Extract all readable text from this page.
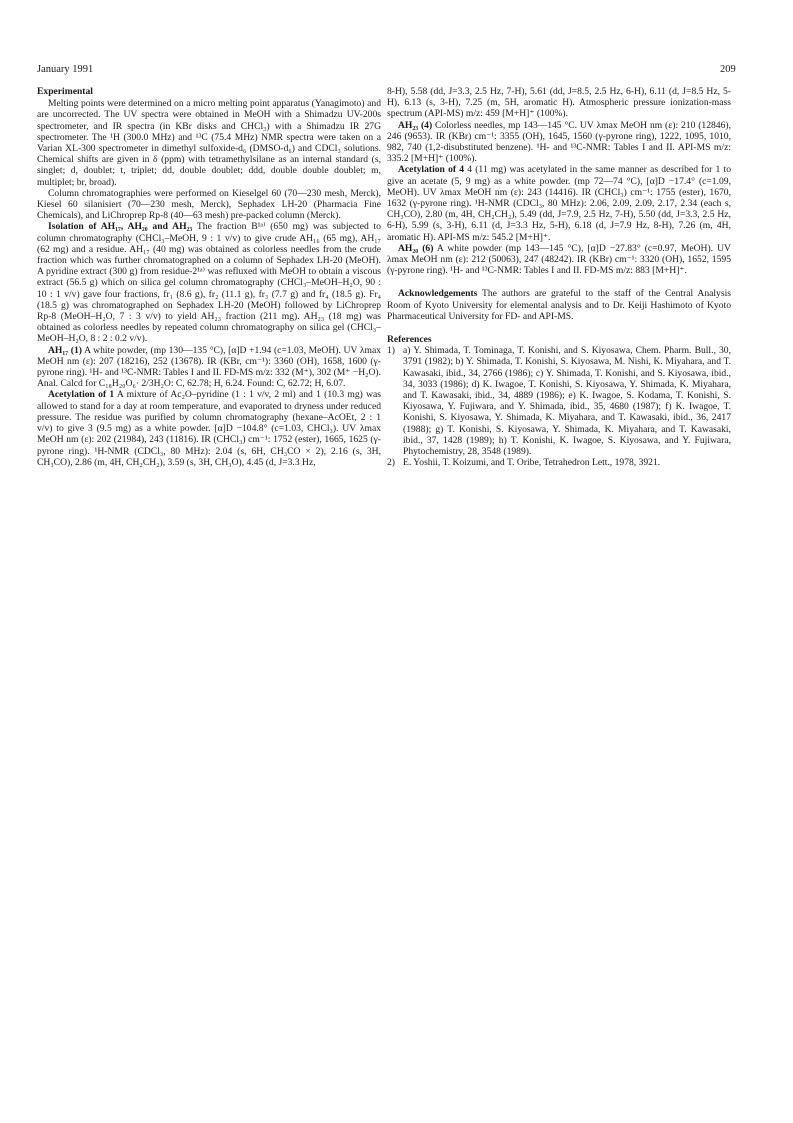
January 1991	209
Experimental

Melting points were determined on a micro melting point apparatus (Yanagimoto) and are uncorrected. The UV spectra were obtained in MeOH with a Shimadzu UV-200s spectrometer, and IR spectra (in KBr disks and CHCl₃) with a Shimadzu IR 27G spectrometer. The ¹H (300.0 MHz) and ¹³C (75.4 MHz) NMR spectra were taken on a Varian XL-300 spectrometer in dimethyl sulfoxide-d₆ (DMSO-d₆) and CDCl₃ solutions. Chemical shifts are given in δ (ppm) with tetramethylsilane as an internal standard (s, singlet; d, doublet; t, triplet; dd, double doublet; ddd, double double doublet; m, multiplet; br, broad).

Column chromatographies were performed on Kieselgel 60 (70—230 mesh, Merck), Kiesel 60 silanisiert (70—230 mesh, Merck), Sephadex LH-20 (Pharmacia Fine Chemicals), and LiChroprep Rp-8 (40—63 mesh) pre-packed column (Merck).

Isolation of AH₁₇, AH₂₀ and AH₂₃ The fraction B¹ᵃ⁾ (650 mg) was subjected to column chromatography (CHCl₃–MeOH, 9 : 1 v/v) to give crude AH₁₆ (65 mg), AH₁₇ (62 mg) and a residue. AH₁₇ (40 mg) was obtained as colorless needles from the crude fraction which was further chromatographed on a column of Sephadex LH-20 (MeOH). A pyridine extract (300 g) from residue-2¹ᵃ⁾ was refluxed with MeOH to obtain a viscous extract (56.5 g) which on silica gel column chromatography (CHCl₃–MeOH–H₂O, 90 : 10 : 1 v/v) gave four fractions, fr₁ (8.6 g), fr₂ (11.1 g), fr₃ (7.7 g) and fr₄ (18.5 g). Fr₄ (18.5 g) was chromatographed on Sephadex LH-20 (MeOH) followed by LiChroprep Rp-8 (MeOH–H₂O, 7 : 3 v/v) to yield AH₂₃ fraction (211 mg). AH₂₃ (18 mg) was obtained as colorless needles by repeated column chromatography on silica gel (CHCl₃–MeOH–H₂O, 8 : 2 : 0.2 v/v).

AH₁₇ (1) A white powder, (mp 130—135 °C), [α]D +1.94 (c=1.03, MeOH). UV λmax MeOH nm (ε): 207 (18216), 252 (13678). IR (KBr, cm⁻¹): 3360 (OH), 1658, 1600 (γ-pyrone ring). ¹H- and ¹³C-NMR: Tables I and II. FD-MS m/z: 332 (M⁺), 302 (M⁺ −H₂O). Anal. Calcd for C₁₈H₂₀O₆· 2/3H₂O: C, 62.78; H, 6.24. Found: C, 62.72; H, 6.07.

Acetylation of 1 A mixture of Ac₂O–pyridine (1 : 1 v/v, 2 ml) and 1 (10.3 mg) was allowed to stand for a day at room temperature, and evaporated to dryness under reduced pressure. The residue was purified by column chromatography (hexane–AcOEt, 2 : 1 v/v) to give 3 (9.5 mg) as a white powder. [α]D −104.8° (c=1.03, CHCl₃). UV λmax MeOH nm (ε): 202 (21984), 243 (11816). IR (CHCl₃) cm⁻¹: 1752 (ester), 1665, 1625 (γ-pyrone ring). ¹H-NMR (CDCl₃, 80 MHz): 2.04 (s, 6H, CH₃CO × 2), 2.16 (s, 3H, CH₃CO), 2.86 (m, 4H, CH₂CH₂), 3.59 (s, 3H, CH₃O), 4.45 (d, J=3.3 Hz,

8-H), 5.58 (dd, J=3.3, 2.5 Hz, 7-H), 5.61 (dd, J=8.5, 2.5 Hz, 6-H), 6.11 (d, J=8.5 Hz, 5-H), 6.13 (s, 3-H), 7.25 (m, 5H, aromatic H). Atmospheric pressure ionization-mass spectrum (API-MS) m/z: 459 [M+H]⁺ (100%).

AH₂₃ (4) Colorless needles, mp 143—145 °C. UV λmax MeOH nm (ε): 210 (12846), 246 (9653). IR (KBr) cm⁻¹: 3355 (OH), 1645, 1560 (γ-pyrone ring), 1222, 1095, 1010, 982, 740 (1,2-disubstituted benzene). ¹H- and ¹³C-NMR: Tables I and II. API-MS m/z: 335.2 [M+H]⁺ (100%).

Acetylation of 4 4 (11 mg) was acetylated in the same manner as described for 1 to give an acetate (5, 9 mg) as a white powder. (mp 72—74 °C), [α]D −17.4° (c=1.09, MeOH). UV λmax MeOH nm (ε): 243 (14416). IR (CHCl₃) cm⁻¹: 1755 (ester), 1670, 1632 (γ-pyrone ring). ¹H-NMR (CDCl₃, 80 MHz): 2.06, 2.09, 2.09, 2.17, 2.34 (each s, CH₃CO), 2.80 (m, 4H, CH₂CH₂), 5.49 (dd, J=7.9, 2.5 Hz, 7-H), 5.50 (dd, J=3.3, 2.5 Hz, 6-H), 5.99 (s, 3-H), 6.11 (d, J=3.3 Hz, 5-H), 6.18 (d, J=7.9 Hz, 8-H), 7.26 (m, 4H, aromatic H). API-MS m/z: 545.2 [M+H]⁺.

AH₂₀ (6) A white powder (mp 143—145 °C), [α]D −27.83° (c=0.97, MeOH). UV λmax MeOH nm (ε): 212 (50063), 247 (48242). IR (KBr) cm⁻¹: 3320 (OH), 1652, 1595 (γ-pyrone ring). ¹H- and ¹³C-NMR: Tables I and II. FD-MS m/z: 883 [M+H]⁺.

Acknowledgements The authors are grateful to the staff of the Central Analysis Room of Kyoto University for elemental analysis and to Dr. Keiji Hashimoto of Kyoto Pharmaceutical University for FD- and API-MS.

References

1) a) Y. Shimada, T. Tominaga, T. Konishi, and S. Kiyosawa, Chem. Pharm. Bull., 30, 3791 (1982); b) Y. Shimada, T. Konishi, S. Kiyosawa, M. Nishi, K. Miyahara, and T. Kawasaki, ibid., 34, 2766 (1986); c) Y. Shimada, T. Konishi, and S. Kiyosawa, ibid., 34, 3033 (1986); d) K. Iwagoe, T. Konishi, S. Kiyosawa, Y. Shimada, K. Miyahara, and T. Kawasaki, ibid., 34, 4889 (1986); e) K. Iwagoe, S. Kodama, T. Konishi, S. Kiyosawa, Y. Fujiwara, and Y. Shimada, ibid., 35, 4680 (1987); f) K. Iwagoe, T. Konishi, S. Kiyosawa, Y. Shimada, K. Miyahara, and T. Kawasaki, ibid., 36, 2417 (1988); g) T. Konishi, S. Kiyosawa, Y. Shimada, K. Miyahara, and T. Kawasaki, ibid., 37, 1428 (1989); h) T. Konishi, K. Iwagoe, S. Kiyosawa, and Y. Fujiwara, Phytochemistry, 28, 3548 (1989).
2) E. Yoshii, T. Koizumi, and T. Oribe, Tetrahedron Lett., 1978, 3921.
